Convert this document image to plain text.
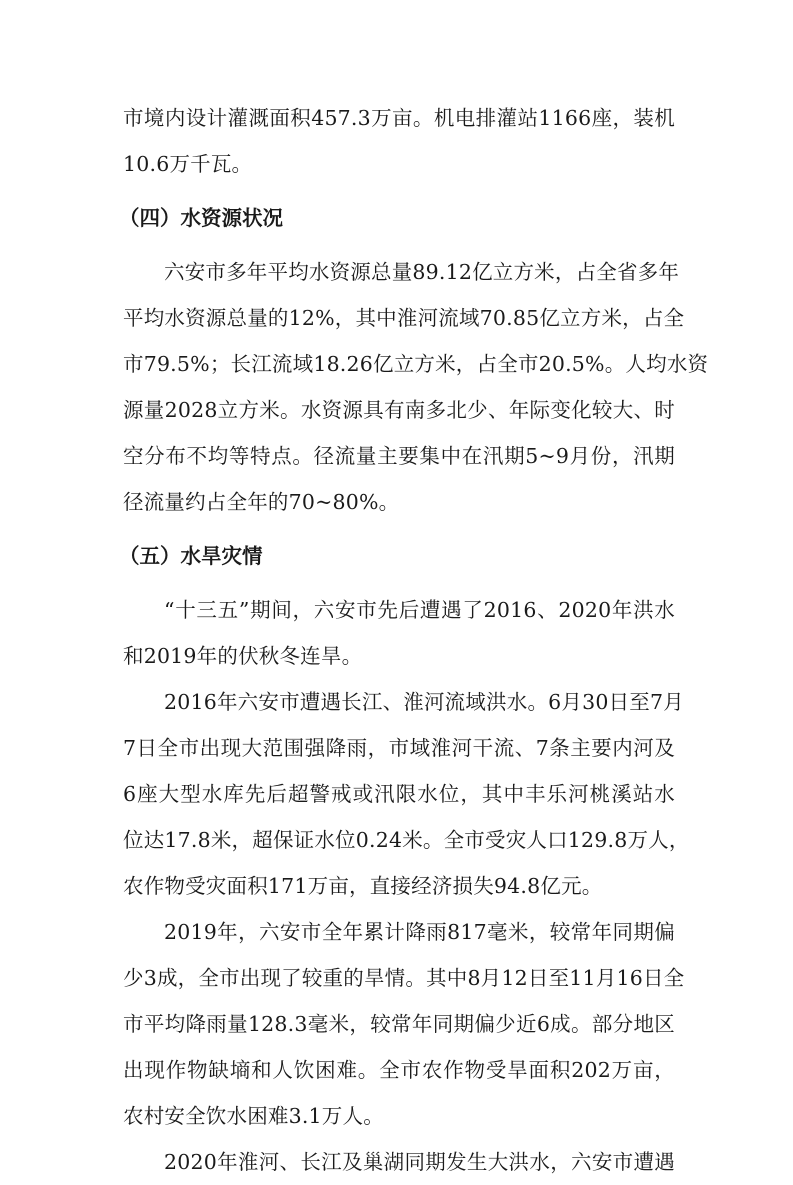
市境内设计灌溉面积457.3万亩。机电排灌站1166座，装机
10.6万千瓦。
（四）水资源状况
六安市多年平均水资源总量89.12亿立方米，占全省多年
平均水资源总量的12%，其中淮河流域70.85亿立方米，占全
市79.5%；长江流域18.26亿立方米，占全市20.5%。人均水资
源量2028立方米。水资源具有南多北少、年际变化较大、时
空分布不均等特点。径流量主要集中在汛期5~9月份，汛期
径流量约占全年的70~80%。
（五）水旱灾情
“十三五”期间，六安市先后遭遇了2016、2020年洪水
和2019年的伏秋冬连旱。
2016年六安市遭遇长江、淮河流域洪水。6月30日至7月
7日全市出现大范围强降雨，市域淮河干流、7条主要内河及
6座大型水库先后超警戒或汛限水位，其中丰乐河桃溪站水
位达17.8米，超保证水位0.24米。全市受灾人口129.8万人，
农作物受灾面积171万亩，直接经济损失94.8亿元。
2019年，六安市全年累计降雨817毫米，较常年同期偏
少3成，全市出现了较重的旱情。其中8月12日至11月16日全
市平均降雨量128.3毫米，较常年同期偏少近6成。部分地区
出现作物缺墒和人饮困难。全市农作物受旱面积202万亩，
农村安全饮水困难3.1万人。
2020年淮河、长江及巢湖同期发生大洪水，六安市遭遇
